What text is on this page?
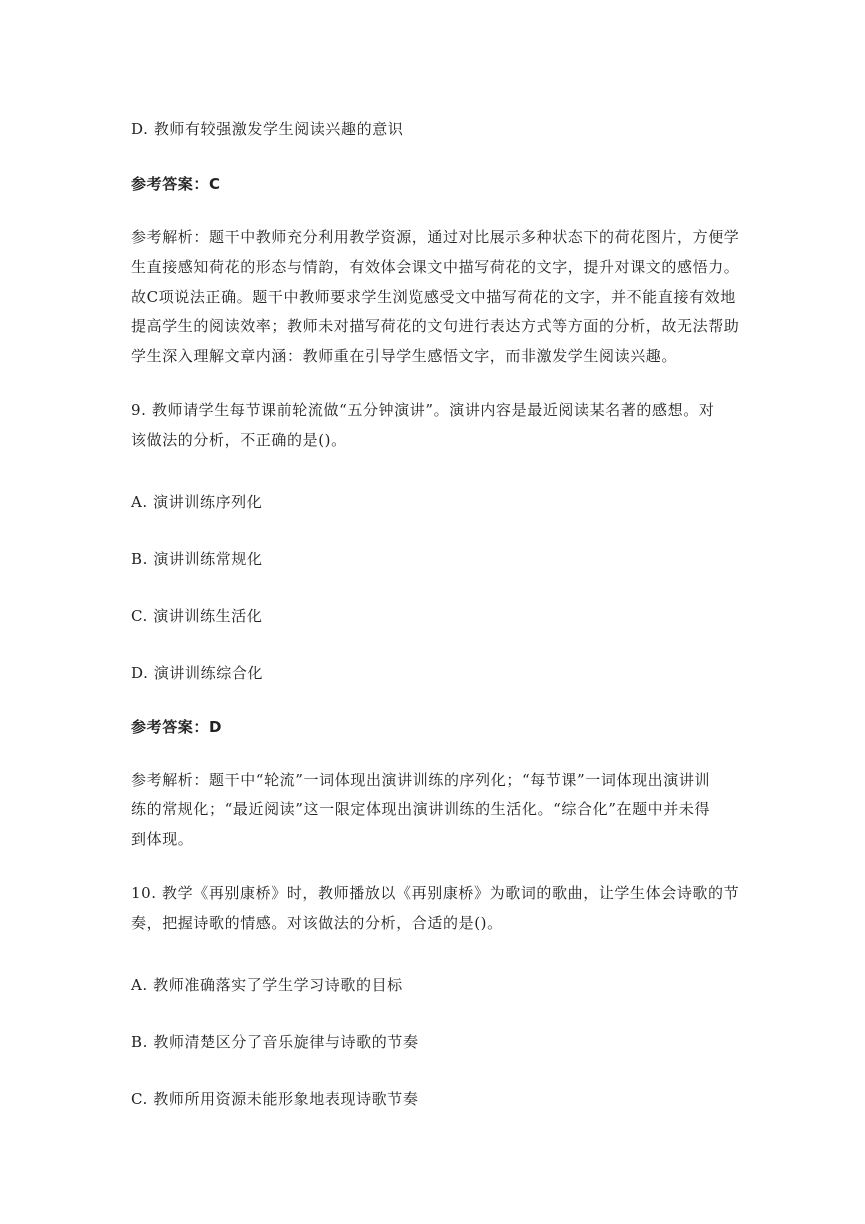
D. 教师有较强激发学生阅读兴趣的意识
参考答案：C
参考解析：题干中教师充分利用教学资源，通过对比展示多种状态下的荷花图片，方便学
生直接感知荷花的形态与情韵，有效体会课文中描写荷花的文字，提升对课文的感悟力。
故C项说法正确。题干中教师要求学生浏览感受文中描写荷花的文字，并不能直接有效地
提高学生的阅读效率；教师未对描写荷花的文句进行表达方式等方面的分析，故无法帮助
学生深入理解文章内涵：教师重在引导学生感悟文字，而非激发学生阅读兴趣。
9. 教师请学生每节课前轮流做“五分钟演讲”。演讲内容是最近阅读某名著的感想。对
该做法的分析，不正确的是()。
A. 演讲训练序列化
B. 演讲训练常规化
C. 演讲训练生活化
D. 演讲训练综合化
参考答案：D
参考解析：题干中“轮流”一词体现出演讲训练的序列化；“每节课”一词体现出演讲训
练的常规化；“最近阅读”这一限定体现出演讲训练的生活化。“综合化”在题中并未得
到体现。
10. 教学《再别康桥》时，教师播放以《再别康桥》为歌词的歌曲，让学生体会诗歌的节
奏，把握诗歌的情感。对该做法的分析，合适的是()。
A. 教师准确落实了学生学习诗歌的目标
B. 教师清楚区分了音乐旋律与诗歌的节奏
C. 教师所用资源未能形象地表现诗歌节奏
